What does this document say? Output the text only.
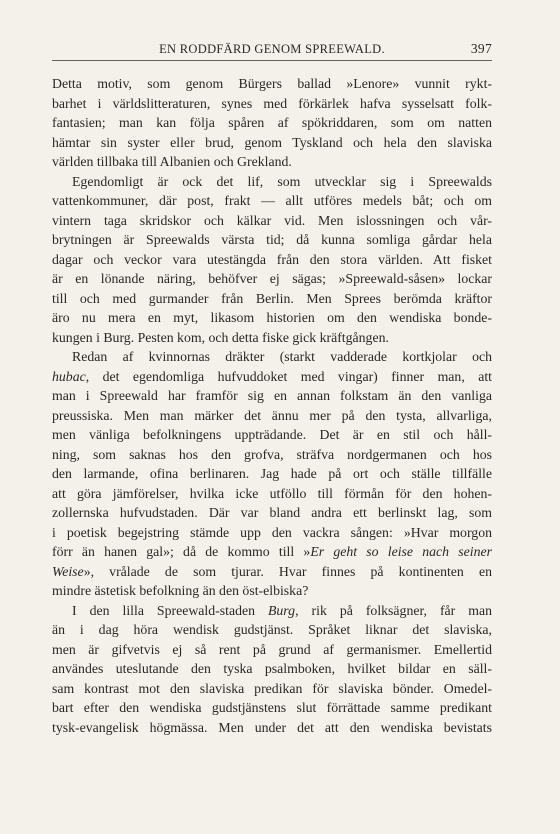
EN RODDFÄRD GENOM SPREEWALD.	397
Detta motiv, som genom Bürgers ballad »Lenore» vunnit rykt-
barhet i världslitteraturen, synes med förkärlek hafva sysselsatt folk-
fantasien; man kan följa spåren af spökriddaren, som om natten
hämtar sin syster eller brud, genom Tyskland och hela den slaviska
världen tillbaka till Albanien och Grekland.
Egendomligt är ock det lif, som utvecklar sig i Spreewalds
vattenkommuner, där post, frakt — allt utföres medels båt; och om
vintern taga skridskor och kälkar vid. Men islossningen och vår-
brytningen är Spreewalds värsta tid; då kunna somliga gårdar hela
dagar och veckor vara utestängda från den stora världen. Att fisket
är en lönande näring, behöfver ej sägas; »Spreewald-såsen» lockar
till och med gurmander från Berlin. Men Sprees berömda kräftor
äro nu mera en myt, likasom historien om den wendiska bonde-
kungen i Burg. Pesten kom, och detta fiske gick kräftgången.
Redan af kvinnornas dräkter (starkt vadderade kortkjolar och
hubac, det egendomliga hufvuddoket med vingar) finner man, att
man i Spreewald har framför sig en annan folkstam än den vanliga
preussiska. Men man märker det ännu mer på den tysta, allvarliga,
men vänliga befolkningens uppträdande. Det är en stil och håll-
ning, som saknas hos den grofva, sträfva nordgermanen och hos
den larmande, ofina berlinaren. Jag hade på ort och ställe tillfälle
att göra jämförelser, hvilka icke utföllo till förmån för den hohen-
zollernska hufvudstaden. Där var bland andra ett berlinskt lag, som
i poetisk begejstring stämde upp den vackra sången: »Hvar morgon
förr än hanen gal»; då de kommo till »Er geht so leise nach seiner
Weise», vrålade de som tjurar. Hvar finnes på kontinenten en
mindre ästetisk befolkning än den öst-elbiska?
I den lilla Spreewald-staden Burg, rik på folksägner, får man
än i dag höra wendisk gudstjänst. Språket liknar det slaviska,
men är gifvetvis ej så rent på grund af germanismer. Emellertid
användes uteslutande den tyska psalmboken, hvilket bildar en säll-
sam kontrast mot den slaviska predikan för slaviska bönder. Omedel-
bart efter den wendiska gudstjänstens slut förrättade samme predikant
tysk-evangelisk högmässa. Men under det att den wendiska bevistats
